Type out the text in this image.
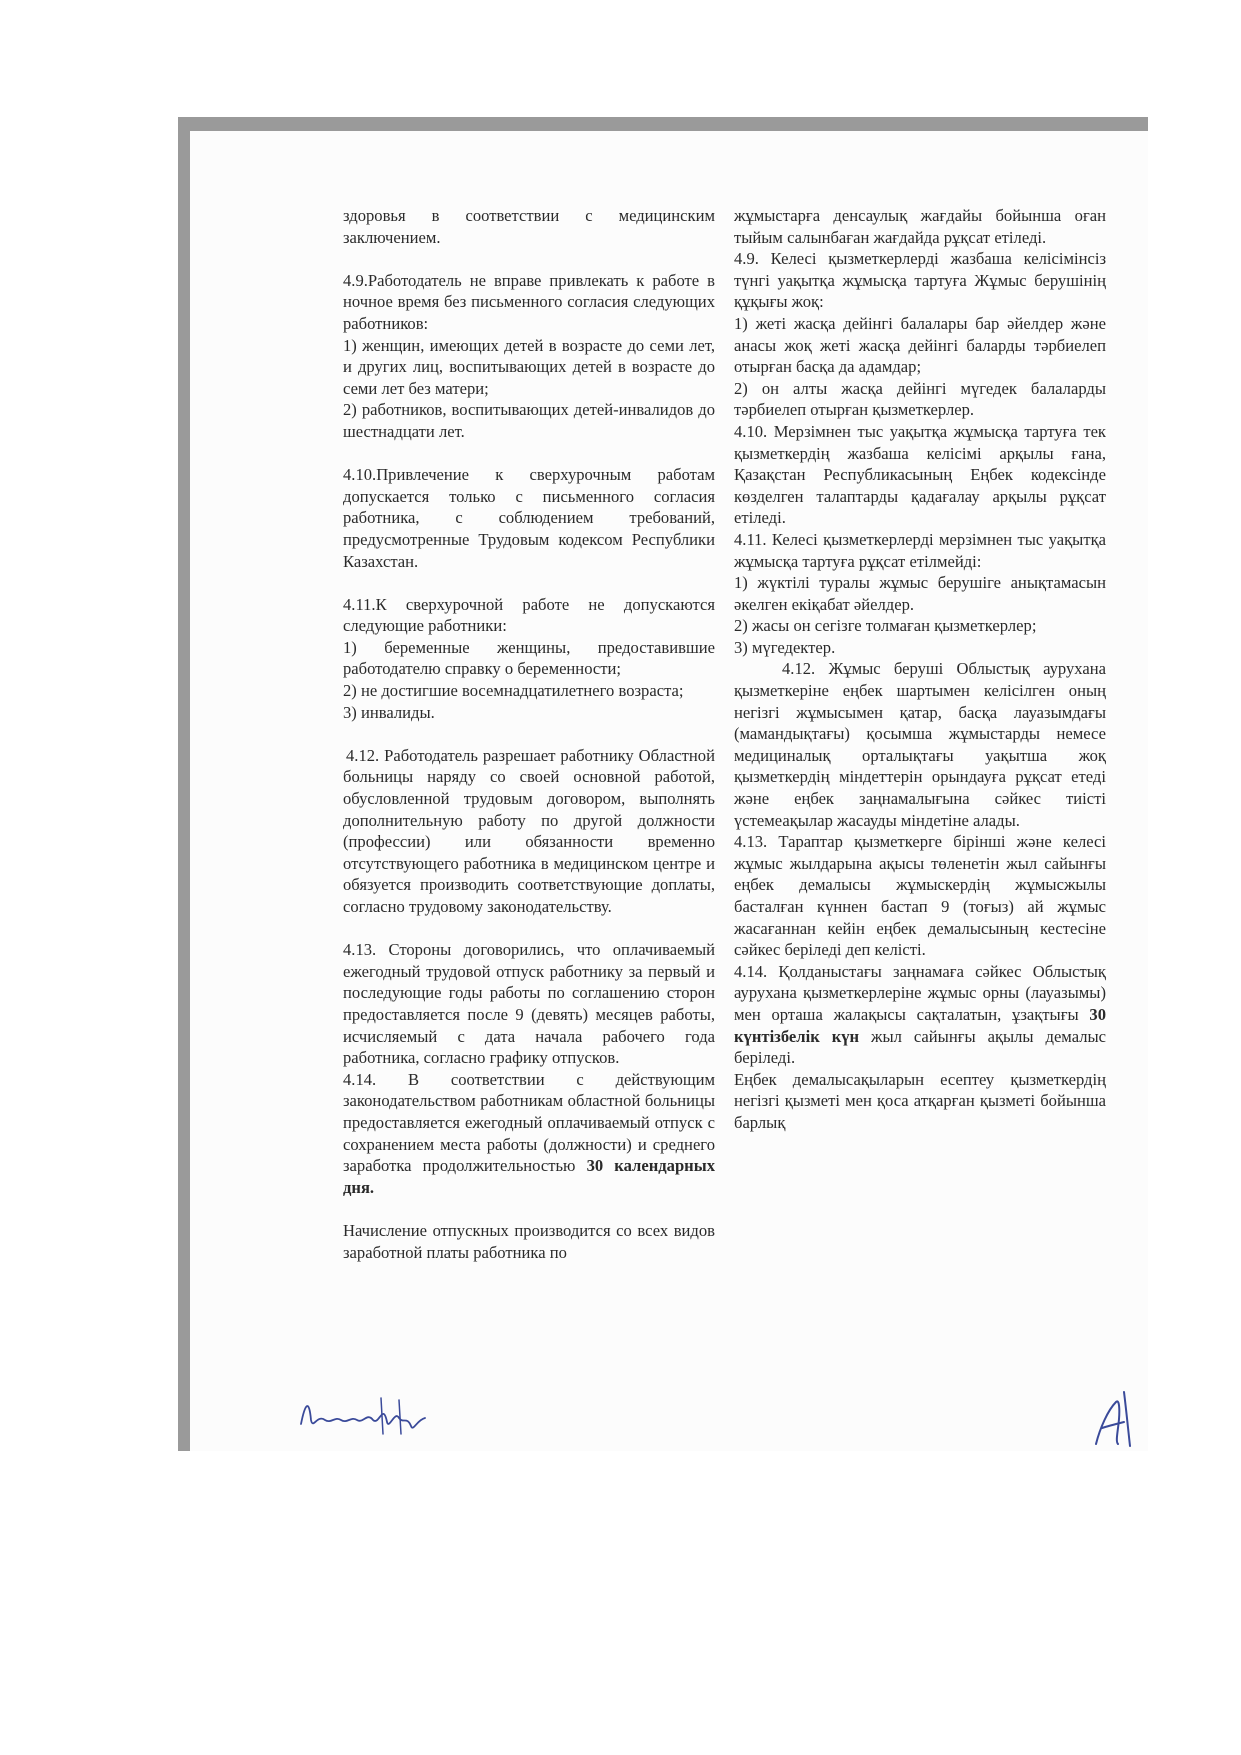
здоровья в соответствии с медицинским заключением.

4.9.Работодатель не вправе привлекать к работе в ночное время без письменного согласия следующих работников:

1) женщин, имеющих детей в возрасте до семи лет, и других лиц, воспитывающих детей в возрасте до семи лет без матери;

2) работников, воспитывающих детей-инвалидов до шестнадцати лет.

4.10.Привлечение к сверхурочным работам допускается только с письменного согласия работника, с соблюдением требований, предусмотренные Трудовым кодексом Республики Казахстан.

4.11.К сверхурочной работе не допускаются следующие работники:

1) беременные женщины, предоставившие работодателю справку о беременности;

2) не достигшие восемнадцатилетнего возраста;

3) инвалиды.

4.12. Работодатель разрешает работнику Областной больницы наряду со своей основной работой, обусловленной трудовым договором, выполнять дополнительную работу по другой должности (профессии) или обязанности временно отсутствующего работника в медицинском центре и обязуется производить соответствующие доплаты, согласно трудовому законодательству.

4.13. Стороны договорились, что оплачиваемый ежегодный трудовой отпуск работнику за первый и последующие годы работы по соглашению сторон предоставляется после 9 (девять) месяцев работы, исчисляемый с дата начала рабочего года работника, согласно графику отпусков.

4.14. В соответствии с действующим законодательством работникам областной больницы предоставляется ежегодный оплачиваемый отпуск с сохранением места работы (должности) и среднего заработка продолжительностью 30 календарных дня.

Начисление отпускных производится со всех видов заработной платы работника по

жұмыстарға денсаулық жағдайы бойынша оған тыйым салынбаған жағдайда рұқсат етіледі.

4.9. Келесі қызметкерлерді жазбаша келісімінсіз түнгі уақытқа жұмысқа тартуға Жұмыс берушінің құқығы жоқ:

1) жеті жасқа дейінгі балалары бар әйелдер және анасы жоқ жеті жасқа дейінгі баларды тәрбиелеп отырған басқа да адамдар;

2) он алты жасқа дейінгі мүгедек балаларды тәрбиелеп отырған қызметкерлер.

4.10. Мерзімнен тыс уақытқа жұмысқа тартуға тек қызметкердің жазбаша келісімі арқылы ғана, Қазақстан Республикасының Еңбек кодексінде көзделген талаптарды қадағалау арқылы рұқсат етіледі.

4.11. Келесі қызметкерлерді мерзімнен тыс уақытқа жұмысқа тартуға рұқсат етілмейді:

1) жүктілі туралы жұмыс берушіге анықтамасын әкелген екіқабат әйелдер.

2) жасы он сегізге толмаған қызметкерлер;

3) мүгедектер.

4.12. Жұмыс беруші Облыстық аурухана қызметкеріне еңбек шартымен келісілген оның негізгі жұмысымен қатар, басқа лауазымдағы (мамандықтағы) қосымша жұмыстарды немесе медициналық орталықтағы уақытша жоқ қызметкердің міндеттерін орындауға рұқсат етеді және еңбек заңнамалығына сәйкес тиісті үстемеақылар жасауды міндетіне алады.

4.13. Тараптар қызметкерге бірінші және келесі жұмыс жылдарына ақысы төленетін жыл сайынғы еңбек демалысы жұмыскердің жұмысжылы басталған күннен бастап 9 (тоғыз) ай жұмыс жасағаннан кейін еңбек демалысының кестесіне сәйкес беріледі деп келісті.

4.14. Қолданыстағы заңнамаға сәйкес Облыстық аурухана қызметкерлеріне жұмыс орны (лауазымы) мен орташа жалақысы сақталатын, ұзақтығы 30 күнтізбелік күн жыл сайынғы ақылы демалыс беріледі.

Еңбек демалысақыларын есептеу қызметкердің негізгі қызметі мен қоса атқарған қызметі бойынша барлық
